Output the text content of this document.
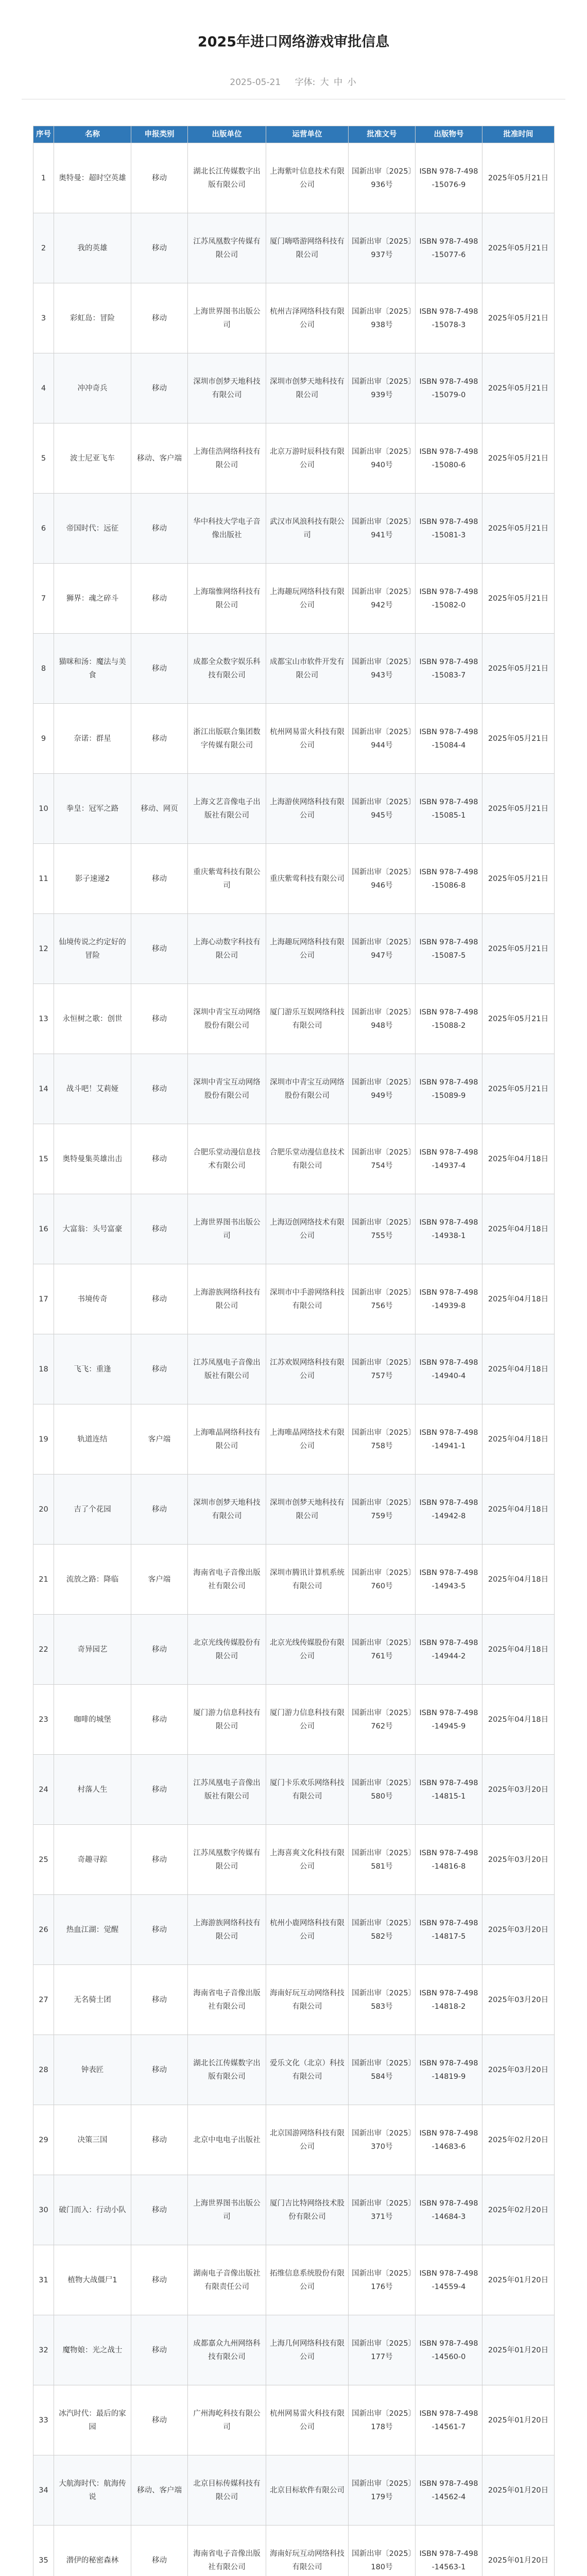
2025年进口网络游戏审批信息
2025-05-21 字体: 大 中 小
序号	名称	申报类别	出版单位	运营单位	批准文号	出版物号	批准时间
1	奥特曼：超时空英雄	移动	湖北长江传媒数字出版有限公司	上海紫叶信息技术有限公司	国新出审〔2025〕936号	ISBN 978-7-498-15076-9	2025年05月21日
2	我的英雄	移动	江苏凤凰数字传媒有限公司	厦门嗨嗒游网络科技有限公司	国新出审〔2025〕937号	ISBN 978-7-498-15077-6	2025年05月21日
3	彩虹岛：冒险	移动	上海世界图书出版公司	杭州吉泽网络科技有限公司	国新出审〔2025〕938号	ISBN 978-7-498-15078-3	2025年05月21日
4	冲冲奇兵	移动	深圳市创梦天地科技有限公司	深圳市创梦天地科技有限公司	国新出审〔2025〕939号	ISBN 978-7-498-15079-0	2025年05月21日
5	波士尼亚飞车	移动、客户端	上海佳浩网络科技有限公司	北京万游时辰科技有限公司	国新出审〔2025〕940号	ISBN 978-7-498-15080-6	2025年05月21日
6	帝国时代：远征	移动	华中科技大学电子音像出版社	武汉市风浪科技有限公司	国新出审〔2025〕941号	ISBN 978-7-498-15081-3	2025年05月21日
7	狮界：魂之碎斗	移动	上海瑞惟网络科技有限公司	上海趣玩网络科技有限公司	国新出审〔2025〕942号	ISBN 978-7-498-15082-0	2025年05月21日
8	猫咪和汤：魔法与美食	移动	成都全众数字娱乐科技有限公司	成都宝山市软件开发有限公司	国新出审〔2025〕943号	ISBN 978-7-498-15083-7	2025年05月21日
9	奈诺：群星	移动	浙江出版联合集团数字传媒有限公司	杭州网易雷火科技有限公司	国新出审〔2025〕944号	ISBN 978-7-498-15084-4	2025年05月21日
10	拳皇：冠军之路	移动、网页	上海文艺音像电子出版社有限公司	上海游侠网络科技有限公司	国新出审〔2025〕945号	ISBN 978-7-498-15085-1	2025年05月21日
11	影子速递2	移动	重庆紫莺科技有限公司	重庆紫莺科技有限公司	国新出审〔2025〕946号	ISBN 978-7-498-15086-8	2025年05月21日
12	仙境传说之约定好的冒险	移动	上海心动数字科技有限公司	上海趣玩网络科技有限公司	国新出审〔2025〕947号	ISBN 978-7-498-15087-5	2025年05月21日
13	永恒树之歌：创世	移动	深圳中青宝互动网络股份有限公司	厦门游乐互娱网络科技有限公司	国新出审〔2025〕948号	ISBN 978-7-498-15088-2	2025年05月21日
14	战斗吧！艾莉娅	移动	深圳中青宝互动网络股份有限公司	深圳市中青宝互动网络股份有限公司	国新出审〔2025〕949号	ISBN 978-7-498-15089-9	2025年05月21日
15	奥特曼集英雄出击	移动	合肥乐堂动漫信息技术有限公司	合肥乐堂动漫信息技术有限公司	国新出审〔2025〕754号	ISBN 978-7-498-14937-4	2025年04月18日
16	大富翁：头号富豪	移动	上海世界图书出版公司	上海迈创网络技术有限公司	国新出审〔2025〕755号	ISBN 978-7-498-14938-1	2025年04月18日
17	书境传奇	移动	上海游族网络科技有限公司	深圳市中手游网络科技有限公司	国新出审〔2025〕756号	ISBN 978-7-498-14939-8	2025年04月18日
18	飞飞：重逢	移动	江苏凤凰电子音像出版社有限公司	江苏欢娱网络科技有限公司	国新出审〔2025〕757号	ISBN 978-7-498-14940-4	2025年04月18日
19	轨道连结	客户端	上海唯晶网络科技有限公司	上海唯晶网络技术有限公司	国新出审〔2025〕758号	ISBN 978-7-498-14941-1	2025年04月18日
20	吉了个花园	移动	深圳市创梦天地科技有限公司	深圳市创梦天地科技有限公司	国新出审〔2025〕759号	ISBN 978-7-498-14942-8	2025年04月18日
21	流放之路：降临	客户端	海南省电子音像出版社有限公司	深圳市腾讯计算机系统有限公司	国新出审〔2025〕760号	ISBN 978-7-498-14943-5	2025年04月18日
22	奇异园艺	移动	北京光线传媒股份有限公司	北京光线传媒股份有限公司	国新出审〔2025〕761号	ISBN 978-7-498-14944-2	2025年04月18日
23	咖啡的城堡	移动	厦门游力信息科技有限公司	厦门游力信息科技有限公司	国新出审〔2025〕762号	ISBN 978-7-498-14945-9	2025年04月18日
24	村落人生	移动	江苏凤凰电子音像出版社有限公司	厦门卡乐欢乐网络科技有限公司	国新出审〔2025〕580号	ISBN 978-7-498-14815-1	2025年03月20日
25	奇趣寻踪	移动	江苏凤凰数字传媒有限公司	上海喜爽文化科技有限公司	国新出审〔2025〕581号	ISBN 978-7-498-14816-8	2025年03月20日
26	热血江湖：觉醒	移动	上海游族网络科技有限公司	杭州小鹿网络科技有限公司	国新出审〔2025〕582号	ISBN 978-7-498-14817-5	2025年03月20日
27	无名骑士团	移动	海南省电子音像出版社有限公司	海南好玩互动网络科技有限公司	国新出审〔2025〕583号	ISBN 978-7-498-14818-2	2025年03月20日
28	钟表匠	移动	湖北长江传媒数字出版有限公司	爱乐文化（北京）科技有限公司	国新出审〔2025〕584号	ISBN 978-7-498-14819-9	2025年03月20日
29	决策三国	移动	北京中电电子出版社	北京国游网络科技有限公司	国新出审〔2025〕370号	ISBN 978-7-498-14683-6	2025年02月20日
30	破门而入：行动小队	移动	上海世界图书出版公司	厦门吉比特网络技术股份有限公司	国新出审〔2025〕371号	ISBN 978-7-498-14684-3	2025年02月20日
31	植物大战僵尸1	移动	湖南电子音像出版社有限责任公司	拓维信息系统股份有限公司	国新出审〔2025〕176号	ISBN 978-7-498-14559-4	2025年01月20日
32	魔物娘：光之战士	移动	成都嘉众九州网络科技有限公司	上海几何网络科技有限公司	国新出审〔2025〕177号	ISBN 978-7-498-14560-0	2025年01月20日
33	冰汽时代：最后的家园	移动	广州海屹科技有限公司	杭州网易雷火科技有限公司	国新出审〔2025〕178号	ISBN 978-7-498-14561-7	2025年01月20日
34	大航海时代：航海传说	移动、客户端	北京目标传媒科技有限公司	北京目标软件有限公司	国新出审〔2025〕179号	ISBN 978-7-498-14562-4	2025年01月20日
35	潜伊的秘密森林	移动	海南省电子音像出版社有限公司	海南好玩互动网络科技有限公司	国新出审〔2025〕180号	ISBN 978-7-498-14563-1	2025年01月20日
